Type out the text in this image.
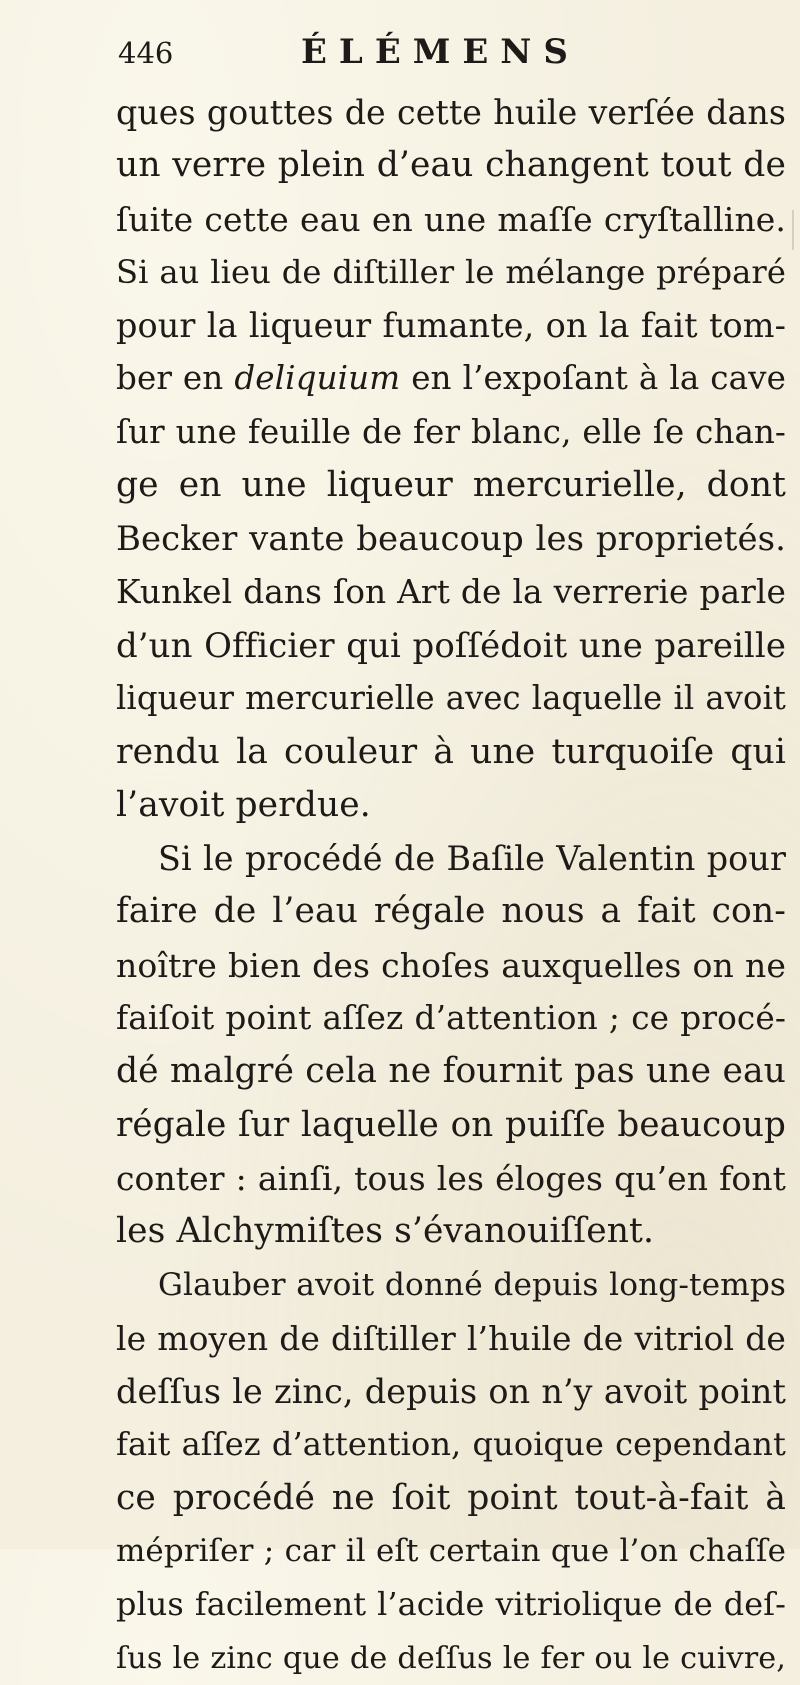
446	ÉLÉMENS
ques gouttes de cette huile verſée dans
un verre plein d’eau changent tout de
ſuite cette eau en une maſſe cryſtalline.
Si au lieu de diſtiller le mélange préparé
pour la liqueur fumante, on la fait tom-
ber en deliquium en l’expoſant à la cave
ſur une feuille de fer blanc, elle ſe chan-
ge en une liqueur mercurielle, dont
Becker vante beaucoup les proprietés.
Kunkel dans ſon Art de la verrerie parle
d’un Officier qui poſſédoit une pareille
liqueur mercurielle avec laquelle il avoit
rendu la couleur à une turquoiſe qui
l’avoit perdue.
Si le procédé de Baſile Valentin pour
faire de l’eau régale nous a fait con-
noître bien des choſes auxquelles on ne
faiſoit point aſſez d’attention ; ce procé-
dé malgré cela ne fournit pas une eau
régale ſur laquelle on puiſſe beaucoup
conter : ainſi, tous les éloges qu’en font
les Alchymiſtes s’évanouiſſent.
Glauber avoit donné depuis long-temps
le moyen de diſtiller l’huile de vitriol de
deſſus le zinc, depuis on n’y avoit point
fait aſſez d’attention, quoique cependant
ce procédé ne ſoit point tout-à-fait à
mépriſer ; car il eſt certain que l’on chaſſe
plus facilement l’acide vitriolique de deſ-
ſus le zinc que de deſſus le fer ou le cuivre,
